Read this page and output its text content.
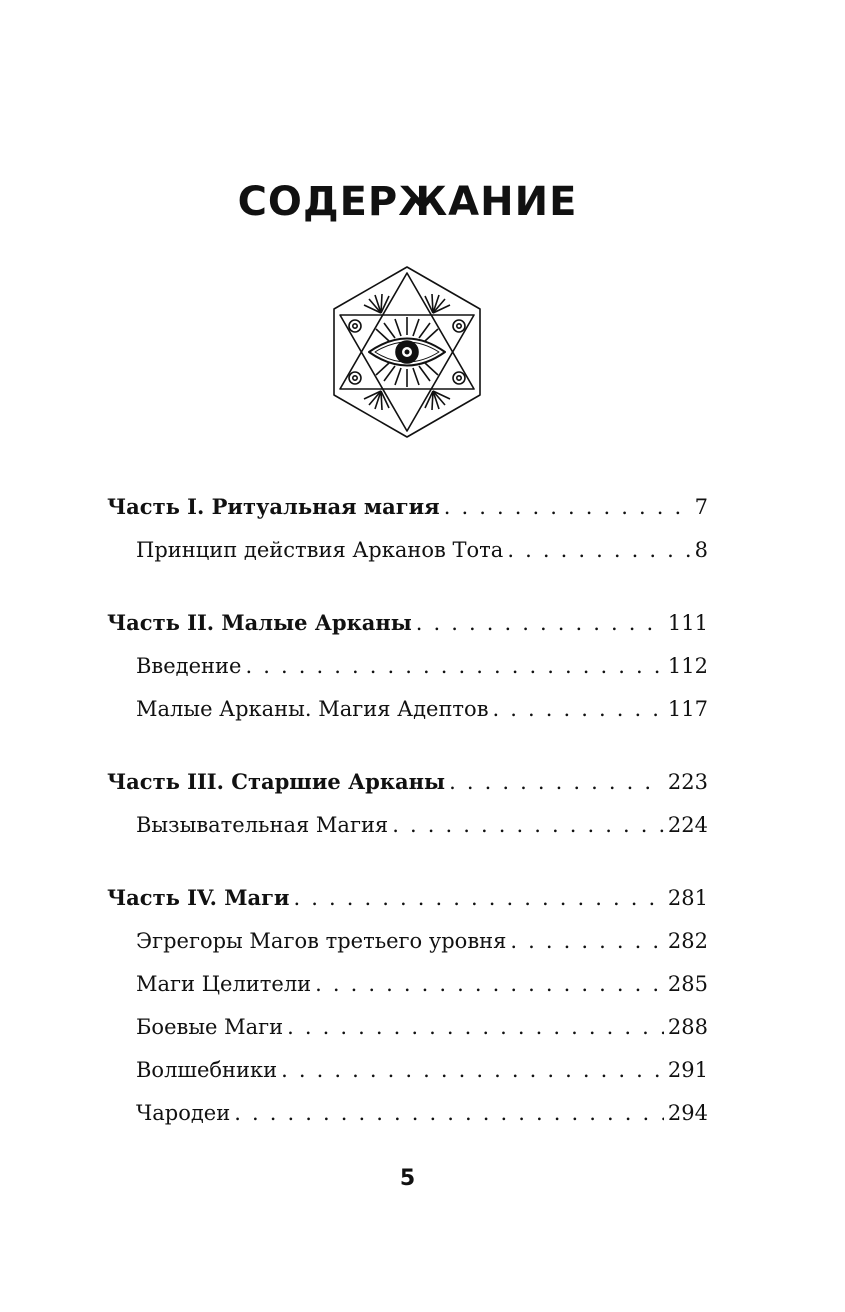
СОДЕРЖАНИЕ
Часть I. Ритуальная магия . . .	7
Принцип действия Арканов Тота . . .	8
Часть II. Малые Арканы . . .	111
Введение . . .	112
Малые Арканы. Магия Адептов . . .	117
Часть III. Старшие Арканы . . .	223
Вызывательная Магия . . .	224
Часть IV. Маги . . .	281
Эгрегоры Магов третьего уровня . . .	282
Маги Целители . . .	285
Боевые Маги . . .	288
Волшебники . . .	291
Чародеи . . .	294
5
